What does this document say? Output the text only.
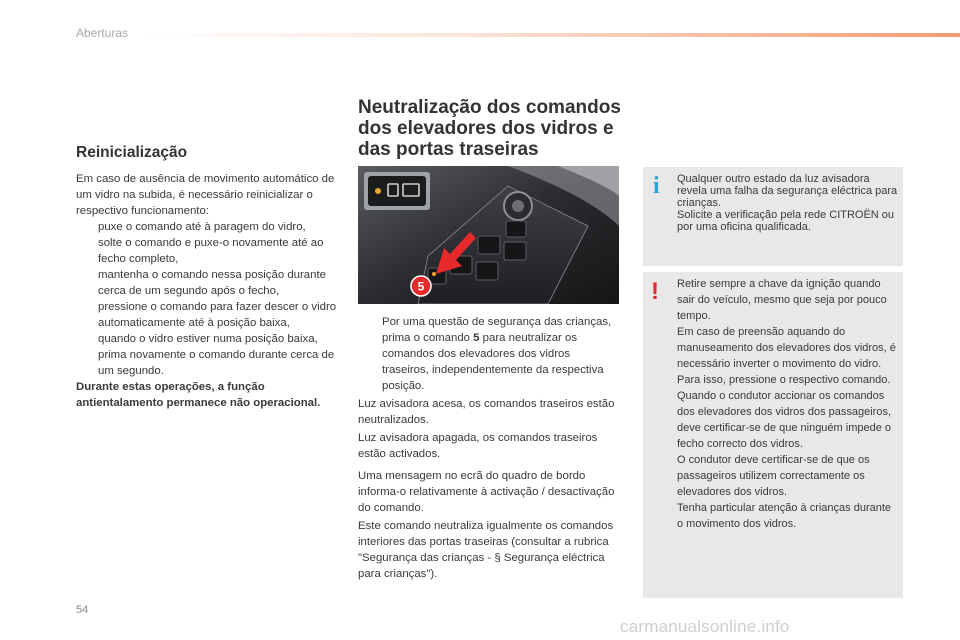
Aberturas
Reinicialização
Em caso de ausência de movimento automático de um vidro na subida, é necessário reinicializar o respectivo funcionamento:
puxe o comando até à paragem do vidro,
solte o comando e puxe-o novamente até ao fecho completo,
mantenha o comando nessa posição durante cerca de um segundo após o fecho,
pressione o comando para fazer descer o vidro automaticamente até à posição baixa,
quando o vidro estiver numa posição baixa, prima novamente o comando durante cerca de um segundo.
Durante estas operações, a função antientalamento permanece não operacional.
Neutralização dos comandos dos elevadores dos vidros e das portas traseiras
5

Por uma questão de segurança das crianças, prima o comando 5 para neutralizar os comandos dos elevadores dos vidros traseiros, independentemente da respectiva posição.

Luz avisadora acesa, os comandos traseiros estão neutralizados.

Luz avisadora apagada, os comandos traseiros estão activados.

Uma mensagem no ecrã do quadro de bordo informa-o relativamente à activação / desactivação do comando.

Este comando neutraliza igualmente os comandos interiores das portas traseiras (consultar a rubrica "Segurança das crianças - § Segurança eléctrica para crianças").

i Qualquer outro estado da luz avisadora revela uma falha da segurança eléctrica para crianças.
Solicite a verificação pela rede CITROËN ou por uma oficina qualificada.
! Retire sempre a chave da ignição quando sair do veículo, mesmo que seja por pouco tempo.
Em caso de preensão aquando do manuseamento dos elevadores dos vidros, é necessário inverter o movimento do vidro. Para isso, pressione o respectivo comando.
Quando o condutor accionar os comandos dos elevadores dos vidros dos passageiros, deve certificar-se de que ninguém impede o fecho correcto dos vidros.
O condutor deve certificar-se de que os passageiros utilizem correctamente os elevadores dos vidros.
Tenha particular atenção à crianças durante o movimento dos vidros.
54
carmanualsonline.info
